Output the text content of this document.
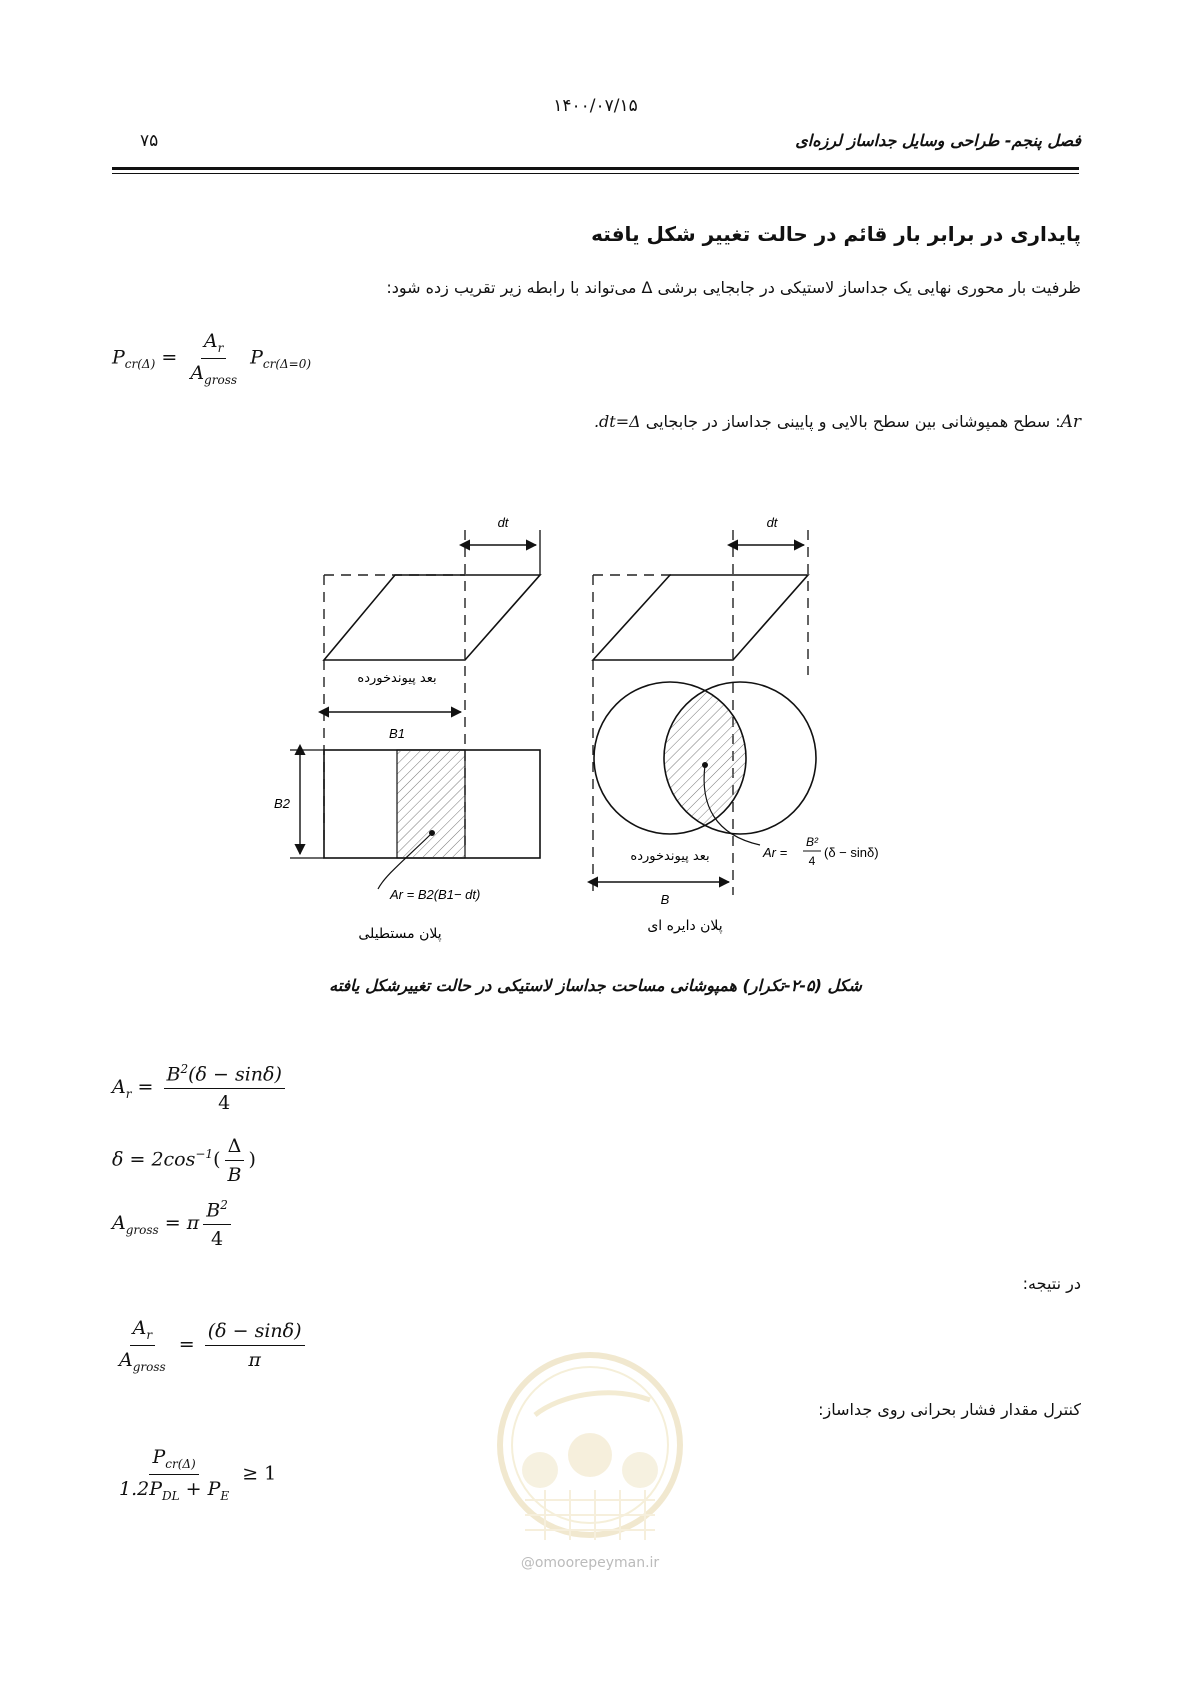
۱۴۰۰/۰۷/۱۵
۷۵	فصل پنجم- طراحی وسایل جداساز لرزه‌ای
پایداری در برابر بار قائم در حالت تغییر شکل یافته
ظرفیت بار محوری نهایی یک جداساز لاستیکی در جابجایی برشی Δ می‌تواند با رابطه زیر تقریب زده شود:
$P_{cr(\Delta)} = \frac{A_r}{A_{gross}} P_{cr(\Delta=0)}$
Ar: سطح همپوشانی بین سطح بالایی و پایینی جداساز در جابجایی dt=Δ.
dt
بعد پیوندخورده
B1
B2
Ar = B2(B1− dt)
پلان مستطیلی
dt
بعد پیوندخورده	Ar =
B²
4
(δ − sinδ)
B
پلان دایره ای
شکل (۵-۲-تکرار) همپوشانی مساحت جداساز لاستیکی در حالت تغییرشکل یافته
$A_r = \frac{B^2(\delta - \sin\delta)}{4}$
$\delta = 2\cos^{-1}( \frac{\Delta}{B}$ )
$A_{gross} = \pi \frac{B^2}{4}$
در نتیجه:
$\frac{A_r}{A_{gross}} = \frac{(\delta - \sin\delta)}{\pi}$
کنترل مقدار فشار بحرانی روی جداساز:
$\frac{P_{cr(\Delta)}}{1.2P_{DL} + P_E} \ge 1$
@omoorepeyman.ir
